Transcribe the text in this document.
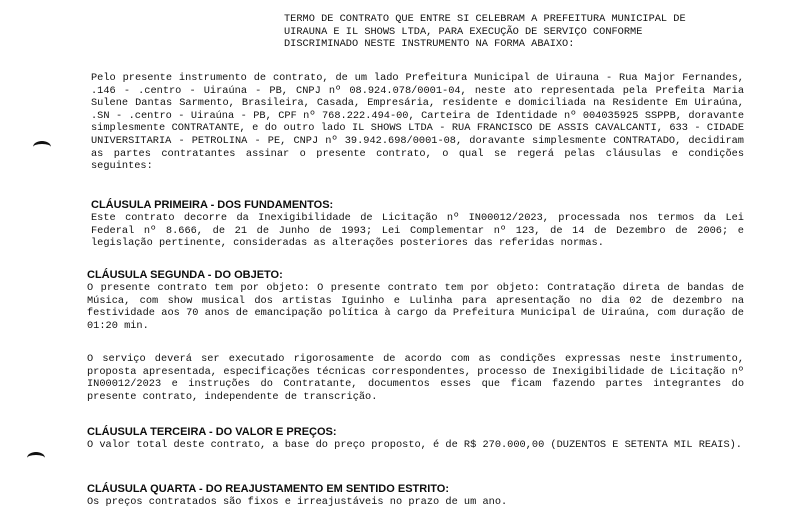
TERMO DE CONTRATO QUE ENTRE SI CELEBRAM A PREFEITURA MUNICIPAL DE

UIRAUNA E IL SHOWS LTDA, PARA EXECUÇÃO DE SERVIÇO CONFORME

DISCRIMINADO NESTE INSTRUMENTO NA FORMA ABAIXO:

Pelo presente instrumento de contrato, de um lado Prefeitura Municipal de Uirauna - Rua Major Fernandes, .146 - .centro - Uiraúna - PB, CNPJ nº 08.924.078/0001-04, neste ato representada pela Prefeita Maria Sulene Dantas Sarmento, Brasileira, Casada, Empresária, residente e domiciliada na Residente Em Uiraúna, .SN - .centro - Uiraúna - PB, CPF nº 768.222.494-00, Carteira de Identidade nº 004035925 SSPPB, doravante simplesmente CONTRATANTE, e do outro lado IL SHOWS LTDA - RUA FRANCISCO DE ASSIS CAVALCANTI, 633 - CIDADE UNIVERSITARIA - PETROLINA - PE, CNPJ nº 39.942.698/0001-08, doravante simplesmente CONTRATADO, decidiram as partes contratantes assinar o presente contrato, o qual se regerá pelas cláusulas e condições seguintes:

CLÁUSULA PRIMEIRA - DOS FUNDAMENTOS:

Este contrato decorre da Inexigibilidade de Licitação nº IN00012/2023, processada nos termos da Lei Federal nº 8.666, de 21 de Junho de 1993; Lei Complementar nº 123, de 14 de Dezembro de 2006; e legislação pertinente, consideradas as alterações posteriores das referidas normas.

CLÁUSULA SEGUNDA - DO OBJETO:

O presente contrato tem por objeto: O presente contrato tem por objeto: Contratação direta de bandas de Música, com show musical dos artistas Iguinho e Lulinha para apresentação no dia 02 de dezembro na festividade aos 70 anos de emancipação política à cargo da Prefeitura Municipal de Uiraúna, com duração de 01:20 min.

O serviço deverá ser executado rigorosamente de acordo com as condições expressas neste instrumento, proposta apresentada, especificações técnicas correspondentes, processo de Inexigibilidade de Licitação nº IN00012/2023 e instruções do Contratante, documentos esses que ficam fazendo partes integrantes do presente contrato, independente de transcrição.

CLÁUSULA TERCEIRA - DO VALOR E PREÇOS:

O valor total deste contrato, a base do preço proposto, é de R$ 270.000,00 (DUZENTOS E SETENTA MIL REAIS).

CLÁUSULA QUARTA - DO REAJUSTAMENTO EM SENTIDO ESTRITO:

Os preços contratados são fixos e irreajustáveis no prazo de um ano.
